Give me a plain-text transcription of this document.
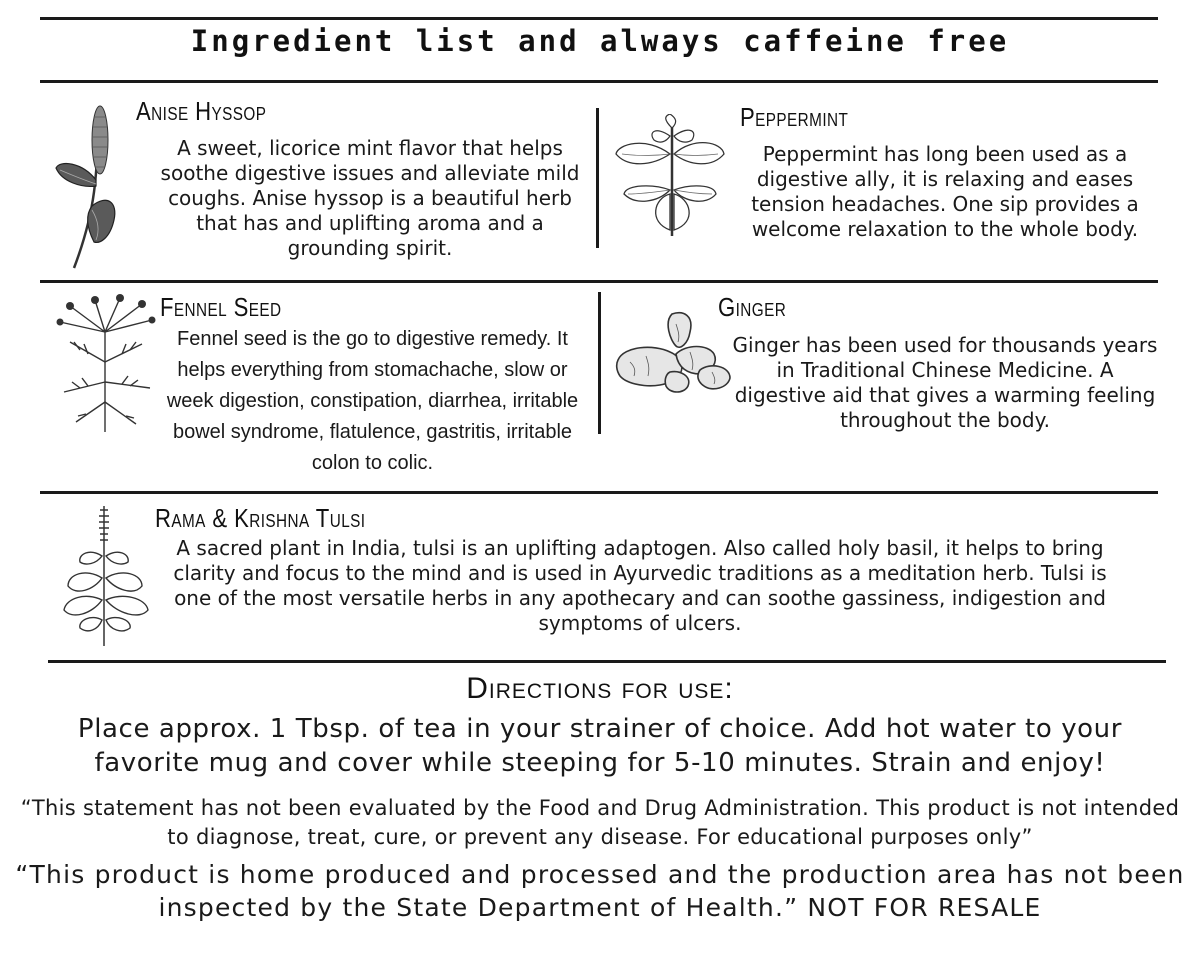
Ingredient list and always caffeine free
Anise Hyssop

A sweet, licorice mint flavor that helps soothe digestive issues and alleviate mild coughs. Anise hyssop is a beautiful herb that has and uplifting aroma and a grounding spirit.

Peppermint

Peppermint has long been used as a digestive ally, it is relaxing and eases tension headaches. One sip provides a welcome relaxation to the whole body.

Fennel Seed

Fennel seed is the go to digestive remedy. It helps everything from stomachache, slow or week digestion, constipation, diarrhea, irritable bowel syndrome, flatulence, gastritis, irritable colon to colic.

Ginger

Ginger has been used for thousands years in Traditional Chinese Medicine. A digestive aid that gives a warming feeling throughout the body.

Rama & Krishna Tulsi

A sacred plant in India, tulsi is an uplifting adaptogen. Also called holy basil, it helps to bring clarity and focus to the mind and is used in Ayurvedic traditions as a meditation herb. Tulsi is one of the most versatile herbs in any apothecary and can soothe gassiness, indigestion and symptoms of ulcers.

Directions for use:

Place approx. 1 Tbsp. of tea in your strainer of choice. Add hot water to your favorite mug and cover while steeping for 5-10 minutes. Strain and enjoy!

“This statement has not been evaluated by the Food and Drug Administration. This product is not intended to diagnose, treat, cure, or prevent any disease. For educational purposes only”

“This product is home produced and processed and the production area has not been inspected by the State Department of Health.” NOT FOR RESALE
